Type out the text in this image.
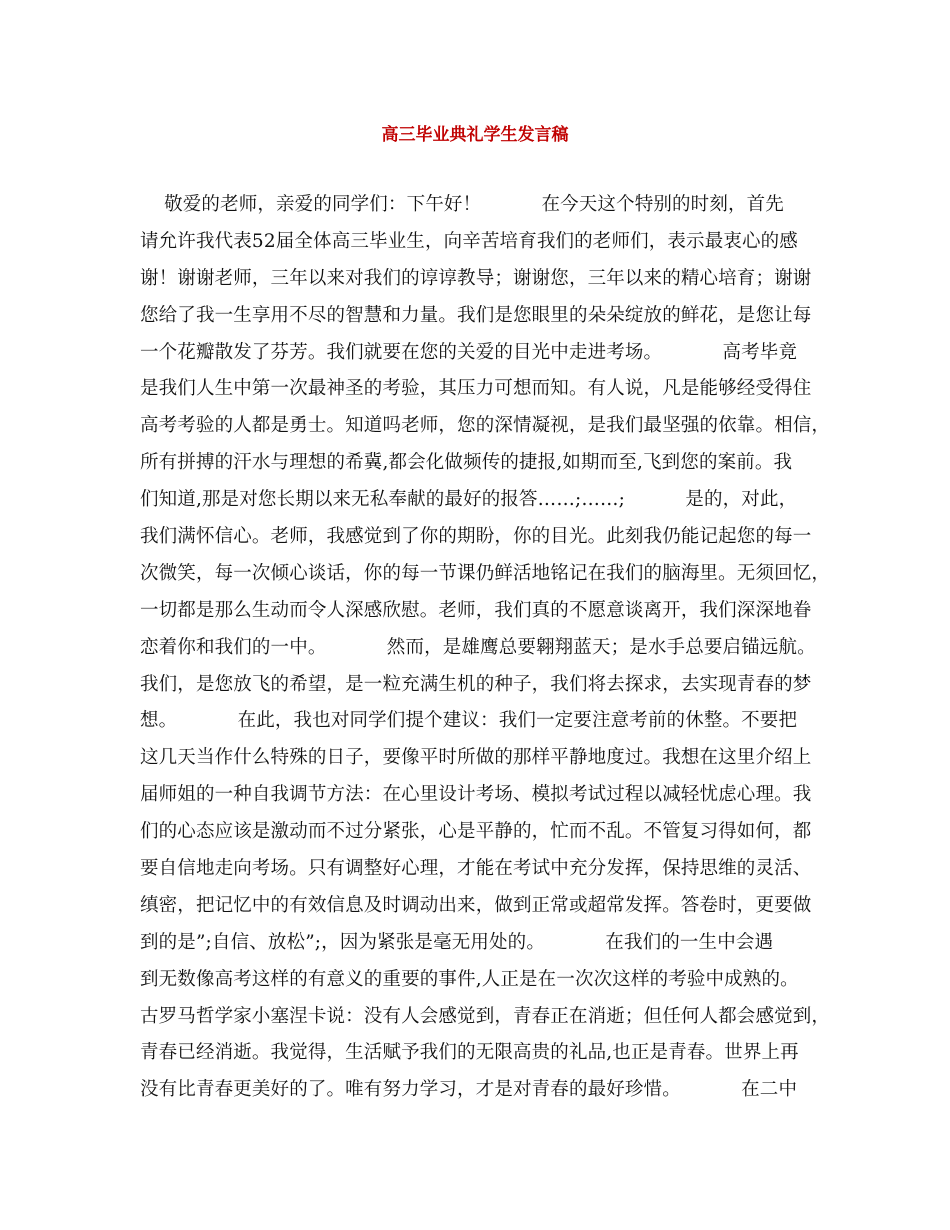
高三毕业典礼学生发言稿
敬爱的老师，亲爱的同学们：下午好！          在今天这个特别的时刻，首先
请允许我代表52届全体高三毕业生，向辛苦培育我们的老师们，表示最衷心的感
谢！谢谢老师，三年以来对我们的谆谆教导；谢谢您，三年以来的精心培育；谢谢
您给了我一生享用不尽的智慧和力量。我们是您眼里的朵朵绽放的鲜花，是您让每
一个花瓣散发了芬芳。我们就要在您的关爱的目光中走进考场。          高考毕竟
是我们人生中第一次最神圣的考验，其压力可想而知。有人说，凡是能够经受得住
高考考验的人都是勇士。知道吗老师，您的深情凝视，是我们最坚强的依靠。相信，
所有拼搏的汗水与理想的希冀,都会化做频传的捷报,如期而至,飞到您的案前。我
们知道,那是对您长期以来无私奉献的最好的报答……;……;          是的，对此，
我们满怀信心。老师，我感觉到了你的期盼，你的目光。此刻我仍能记起您的每一
次微笑，每一次倾心谈话，你的每一节课仍鲜活地铭记在我们的脑海里。无须回忆，
一切都是那么生动而令人深感欣慰。老师，我们真的不愿意谈离开，我们深深地眷
恋着你和我们的一中。          然而，是雄鹰总要翱翔蓝天；是水手总要启锚远航。
我们，是您放飞的希望，是一粒充满生机的种子，我们将去探求，去实现青春的梦
想。          在此，我也对同学们提个建议：我们一定要注意考前的休整。不要把
这几天当作什么特殊的日子，要像平时所做的那样平静地度过。我想在这里介绍上
届师姐的一种自我调节方法：在心里设计考场、模拟考试过程以减轻忧虑心理。我
们的心态应该是激动而不过分紧张，心是平静的，忙而不乱。不管复习得如何，都
要自信地走向考场。只有调整好心理，才能在考试中充分发挥，保持思维的灵活、
缜密，把记忆中的有效信息及时调动出来，做到正常或超常发挥。答卷时，更要做
到的是”;自信、放松”;，因为紧张是毫无用处的。          在我们的一生中会遇
到无数像高考这样的有意义的重要的事件,人正是在一次次这样的考验中成熟的。
古罗马哲学家小塞涅卡说：没有人会感觉到，青春正在消逝；但任何人都会感觉到，
青春已经消逝。我觉得，生活赋予我们的无限高贵的礼品,也正是青春。世界上再
没有比青春更美好的了。唯有努力学习，才是对青春的最好珍惜。          在二中
